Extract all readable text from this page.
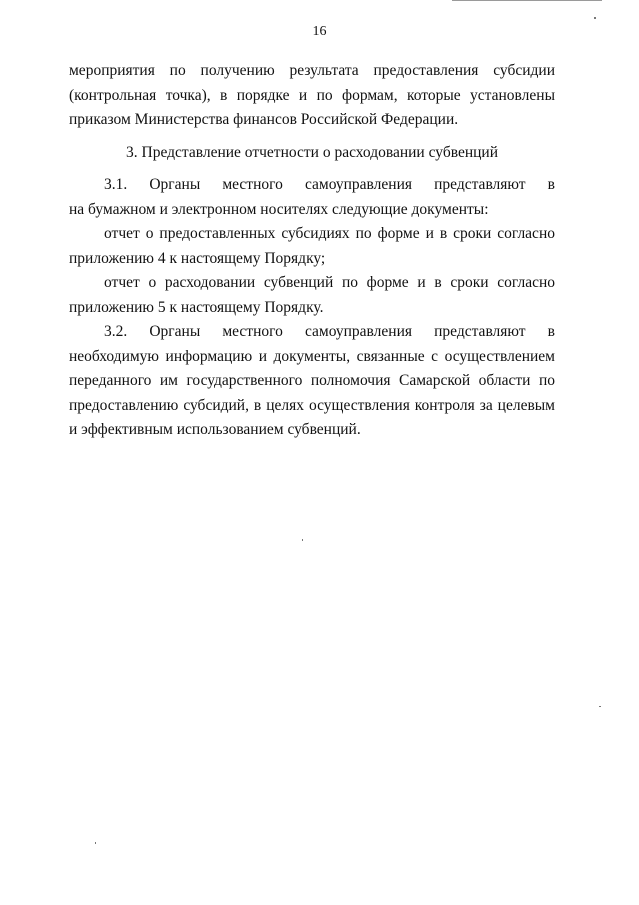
16
мероприятия по получению результата предоставления субсидии
(контрольная точка), в порядке и по формам, которые установлены
приказом Министерства финансов Российской Федерации.
3. Представление отчетности о расходовании субвенций
3.1. Органы местного самоуправления представляют в
на бумажном и электронном носителях следующие документы:
отчет о предоставленных субсидиях по форме и в сроки согласно
приложению 4 к настоящему Порядку;
отчет о расходовании субвенций по форме и в сроки согласно
приложению 5 к настоящему Порядку.
3.2. Органы местного самоуправления представляют в
необходимую информацию и документы, связанные с осуществлением
переданного им государственного полномочия Самарской области по
предоставлению субсидий, в целях осуществления контроля за целевым
и эффективным использованием субвенций.
